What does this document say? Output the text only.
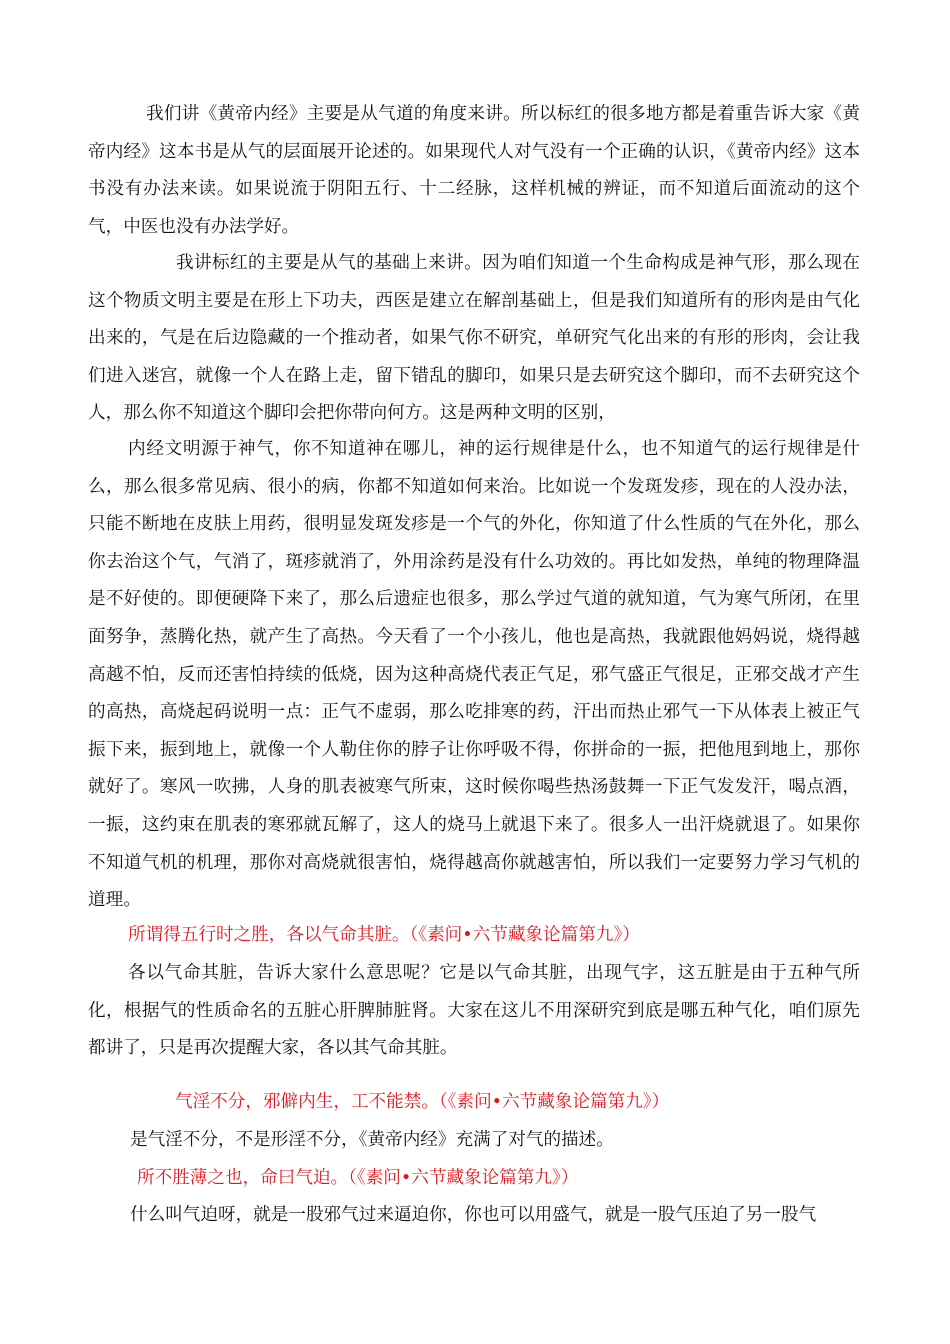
我们讲《黄帝内经》主要是从气道的角度来讲。所以标红的很多地方都是着重告诉大家《黄帝内经》这本书是从气的层面展开论述的。如果现代人对气没有一个正确的认识，《黄帝内经》这本书没有办法来读。如果说流于阴阳五行、十二经脉，这样机械的辨证，而不知道后面流动的这个气，中医也没有办法学好。

我讲标红的主要是从气的基础上来讲。因为咱们知道一个生命构成是神气形，那么现在这个物质文明主要是在形上下功夫，西医是建立在解剖基础上，但是我们知道所有的形肉是由气化出来的，气是在后边隐藏的一个推动者，如果气你不研究，单研究气化出来的有形的形肉，会让我们进入迷宫，就像一个人在路上走，留下错乱的脚印，如果只是去研究这个脚印，而不去研究这个人，那么你不知道这个脚印会把你带向何方。这是两种文明的区别，

内经文明源于神气，你不知道神在哪儿，神的运行规律是什么，也不知道气的运行规律是什么，那么很多常见病、很小的病，你都不知道如何来治。比如说一个发斑发疹，现在的人没办法，只能不断地在皮肤上用药，很明显发斑发疹是一个气的外化，你知道了什么性质的气在外化，那么你去治这个气，气消了，斑疹就消了，外用涂药是没有什么功效的。再比如发热，单纯的物理降温是不好使的。即便硬降下来了，那么后遗症也很多，那么学过气道的就知道，气为寒气所闭，在里面努争，蒸腾化热，就产生了高热。今天看了一个小孩儿，他也是高热，我就跟他妈妈说，烧得越高越不怕，反而还害怕持续的低烧，因为这种高烧代表正气足，邪气盛正气很足，正邪交战才产生的高热，高烧起码说明一点：正气不虚弱，那么吃排寒的药，汗出而热止邪气一下从体表上被正气振下来，振到地上，就像一个人勒住你的脖子让你呼吸不得，你拼命的一振，把他甩到地上，那你就好了。寒风一吹拂，人身的肌表被寒气所束，这时候你喝些热汤鼓舞一下正气发发汗，喝点酒，一振，这约束在肌表的寒邪就瓦解了，这人的烧马上就退下来了。很多人一出汗烧就退了。如果你不知道气机的机理，那你对高烧就很害怕，烧得越高你就越害怕，所以我们一定要努力学习气机的道理。

所谓得五行时之胜，各以气命其脏。（《素问•六节藏象论篇第九》）

各以气命其脏，告诉大家什么意思呢？它是以气命其脏，出现气字，这五脏是由于五种气所化，根据气的性质命名的五脏心肝脾肺脏肾。大家在这儿不用深研究到底是哪五种气化，咱们原先都讲了，只是再次提醒大家，各以其气命其脏。

气淫不分，邪僻内生，工不能禁。（《素问•六节藏象论篇第九》）

是气淫不分，不是形淫不分，《黄帝内经》充满了对气的描述。

所不胜薄之也，命曰气迫。（《素问•六节藏象论篇第九》）

什么叫气迫呀，就是一股邪气过来逼迫你，你也可以用盛气，就是一股气压迫了另一股气
